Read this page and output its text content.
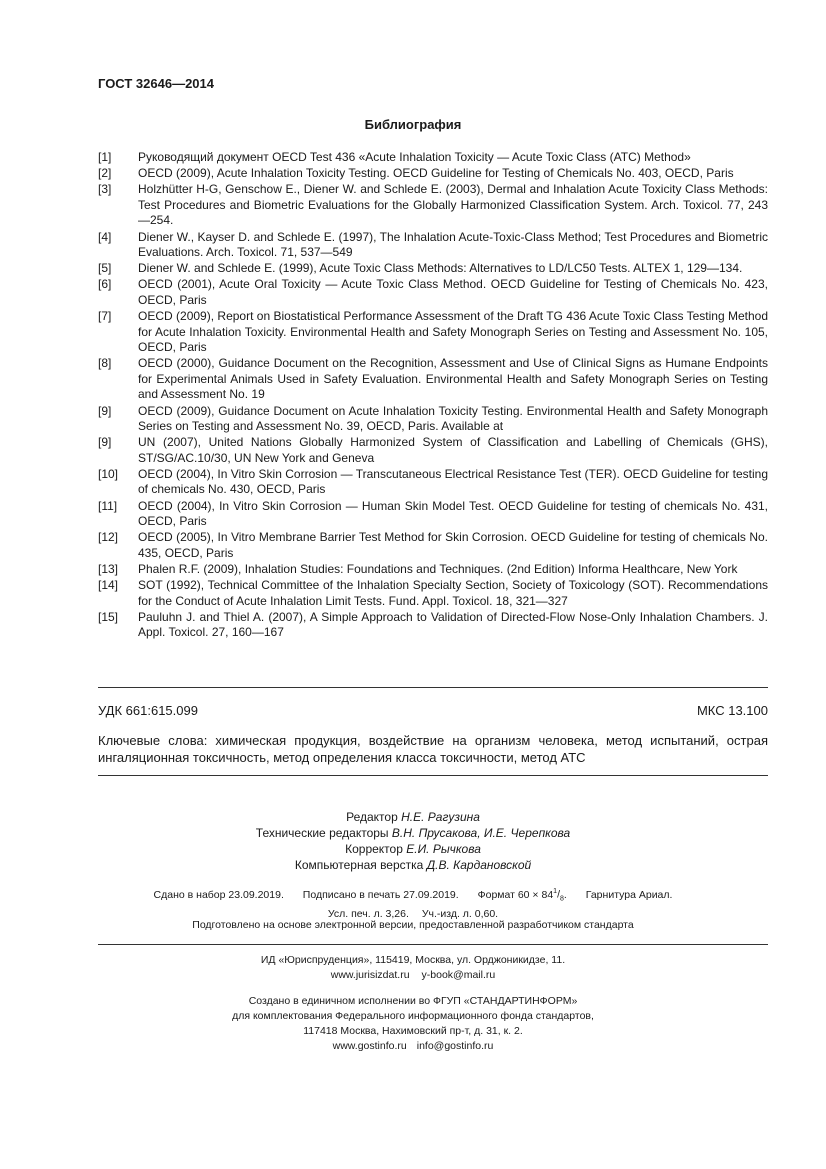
ГОСТ 32646—2014
Библиография
[1]	Руководящий документ OECD Test 436 «Acute Inhalation Toxicity — Acute Toxic Class (ATC) Method»
[2]	OECD (2009), Acute Inhalation Toxicity Testing. OECD Guideline for Testing of Chemicals No. 403, OECD, Paris
[3]	Holzhütter H-G, Genschow E., Diener W. and Schlede E. (2003), Dermal and Inhalation Acute Toxicity Class Methods: Test Procedures and Biometric Evaluations for the Globally Harmonized Classification System. Arch. Toxicol. 77, 243—254.
[4]	Diener W., Kayser D. and Schlede E. (1997), The Inhalation Acute-Toxic-Class Method; Test Procedures and Biometric Evaluations. Arch. Toxicol. 71, 537—549
[5]	Diener W. and Schlede E. (1999), Acute Toxic Class Methods: Alternatives to LD/LC50 Tests. ALTEX 1, 129—134.
[6]	OECD (2001), Acute Oral Toxicity — Acute Toxic Class Method. OECD Guideline for Testing of Chemicals No. 423, OECD, Paris
[7]	OECD (2009), Report on Biostatistical Performance Assessment of the Draft TG 436 Acute Toxic Class Testing Method for Acute Inhalation Toxicity. Environmental Health and Safety Monograph Series on Testing and Assessment No. 105, OECD, Paris
[8]	OECD (2000), Guidance Document on the Recognition, Assessment and Use of Clinical Signs as Humane Endpoints for Experimental Animals Used in Safety Evaluation. Environmental Health and Safety Monograph Series on Testing and Assessment No. 19
[9]	OECD (2009), Guidance Document on Acute Inhalation Toxicity Testing. Environmental Health and Safety Monograph Series on Testing and Assessment No. 39, OECD, Paris. Available at
[9]	UN (2007), United Nations Globally Harmonized System of Classification and Labelling of Chemicals (GHS), ST/SG/AC.10/30, UN New York and Geneva
[10]	OECD (2004), In Vitro Skin Corrosion — Transcutaneous Electrical Resistance Test (TER). OECD Guideline for testing of chemicals No. 430, OECD, Paris
[11]	OECD (2004), In Vitro Skin Corrosion — Human Skin Model Test. OECD Guideline for testing of chemicals No. 431, OECD, Paris
[12]	OECD (2005), In Vitro Membrane Barrier Test Method for Skin Corrosion. OECD Guideline for testing of chemicals No. 435, OECD, Paris
[13]	Phalen R.F. (2009), Inhalation Studies: Foundations and Techniques. (2nd Edition) Informa Healthcare, New York
[14]	SOT (1992), Technical Committee of the Inhalation Specialty Section, Society of Toxicology (SOT). Recommendations for the Conduct of Acute Inhalation Limit Tests. Fund. Appl. Toxicol. 18, 321—327
[15]	Pauluhn J. and Thiel A. (2007), A Simple Approach to Validation of Directed-Flow Nose-Only Inhalation Chambers. J. Appl. Toxicol. 27, 160—167
УДК 661:615.099	МКС 13.100
Ключевые слова: химическая продукция, воздействие на организм человека, метод испытаний, острая ингаляционная токсичность, метод определения класса токсичности, метод АТС
Редактор Н.Е. Рагузина
Технические редакторы В.Н. Прусакова, И.Е. Черепкова
Корректор Е.И. Рычкова
Компьютерная верстка Д.В. Кардановской
Сдано в набор 23.09.2019. Подписано в печать 27.09.2019. Формат $60 \times 84^1/_8$. Гарнитура Ариал.
Усл. печ. л. 3,26. Уч.-изд. л. 0,60.
Подготовлено на основе электронной версии, предоставленной разработчиком стандарта
ИД «Юриспруденция», 115419, Москва, ул. Орджоникидзе, 11.
www.jurisizdat.ru y-book@mail.ru
Создано в единичном исполнении во ФГУП «СТАНДАРТИНФОРМ»
для комплектования Федерального информационного фонда стандартов,
117418 Москва, Нахимовский пр-т, д. 31, к. 2.
www.gostinfo.ru info@gostinfo.ru
